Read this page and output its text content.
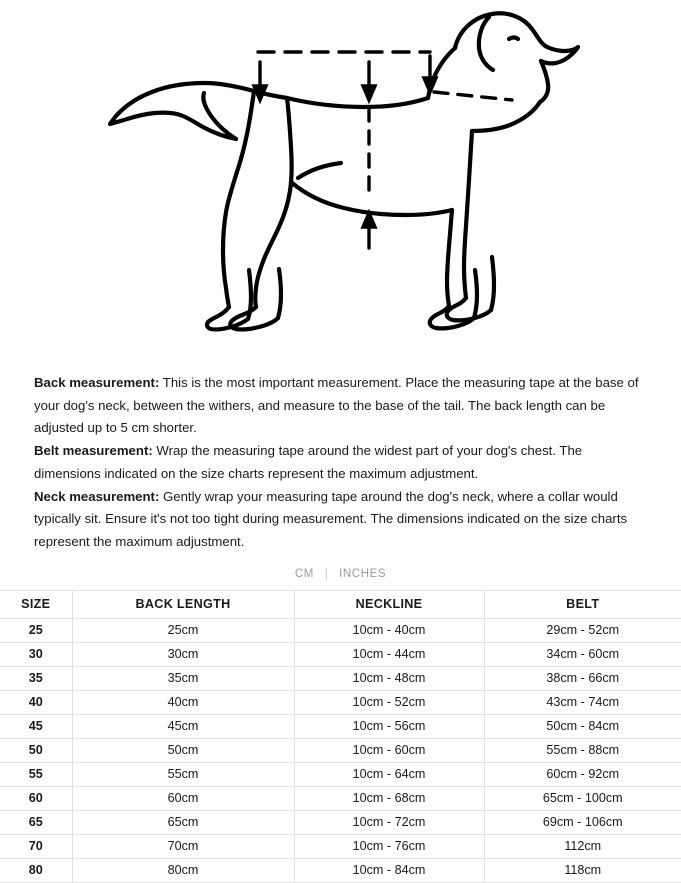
Back measurement: This is the most important measurement. Place the measuring tape at the base of your dog's neck, between the withers, and measure to the base of the tail. The back length can be adjusted up to 5 cm shorter.

Belt measurement: Wrap the measuring tape around the widest part of your dog's chest. The dimensions indicated on the size charts represent the maximum adjustment.

Neck measurement: Gently wrap your measuring tape around the dog's neck, where a collar would typically sit. Ensure it's not too tight during measurement. The dimensions indicated on the size charts represent the maximum adjustment.

CM | INCHES
SIZE	BACK LENGTH	NECKLINE	BELT
25	25cm	10cm - 40cm	29cm - 52cm
30	30cm	10cm - 44cm	34cm - 60cm
35	35cm	10cm - 48cm	38cm - 66cm
40	40cm	10cm - 52cm	43cm - 74cm
45	45cm	10cm - 56cm	50cm - 84cm
50	50cm	10cm - 60cm	55cm - 88cm
55	55cm	10cm - 64cm	60cm - 92cm
60	60cm	10cm - 68cm	65cm - 100cm
65	65cm	10cm - 72cm	69cm - 106cm
70	70cm	10cm - 76cm	112cm
80	80cm	10cm - 84cm	118cm
